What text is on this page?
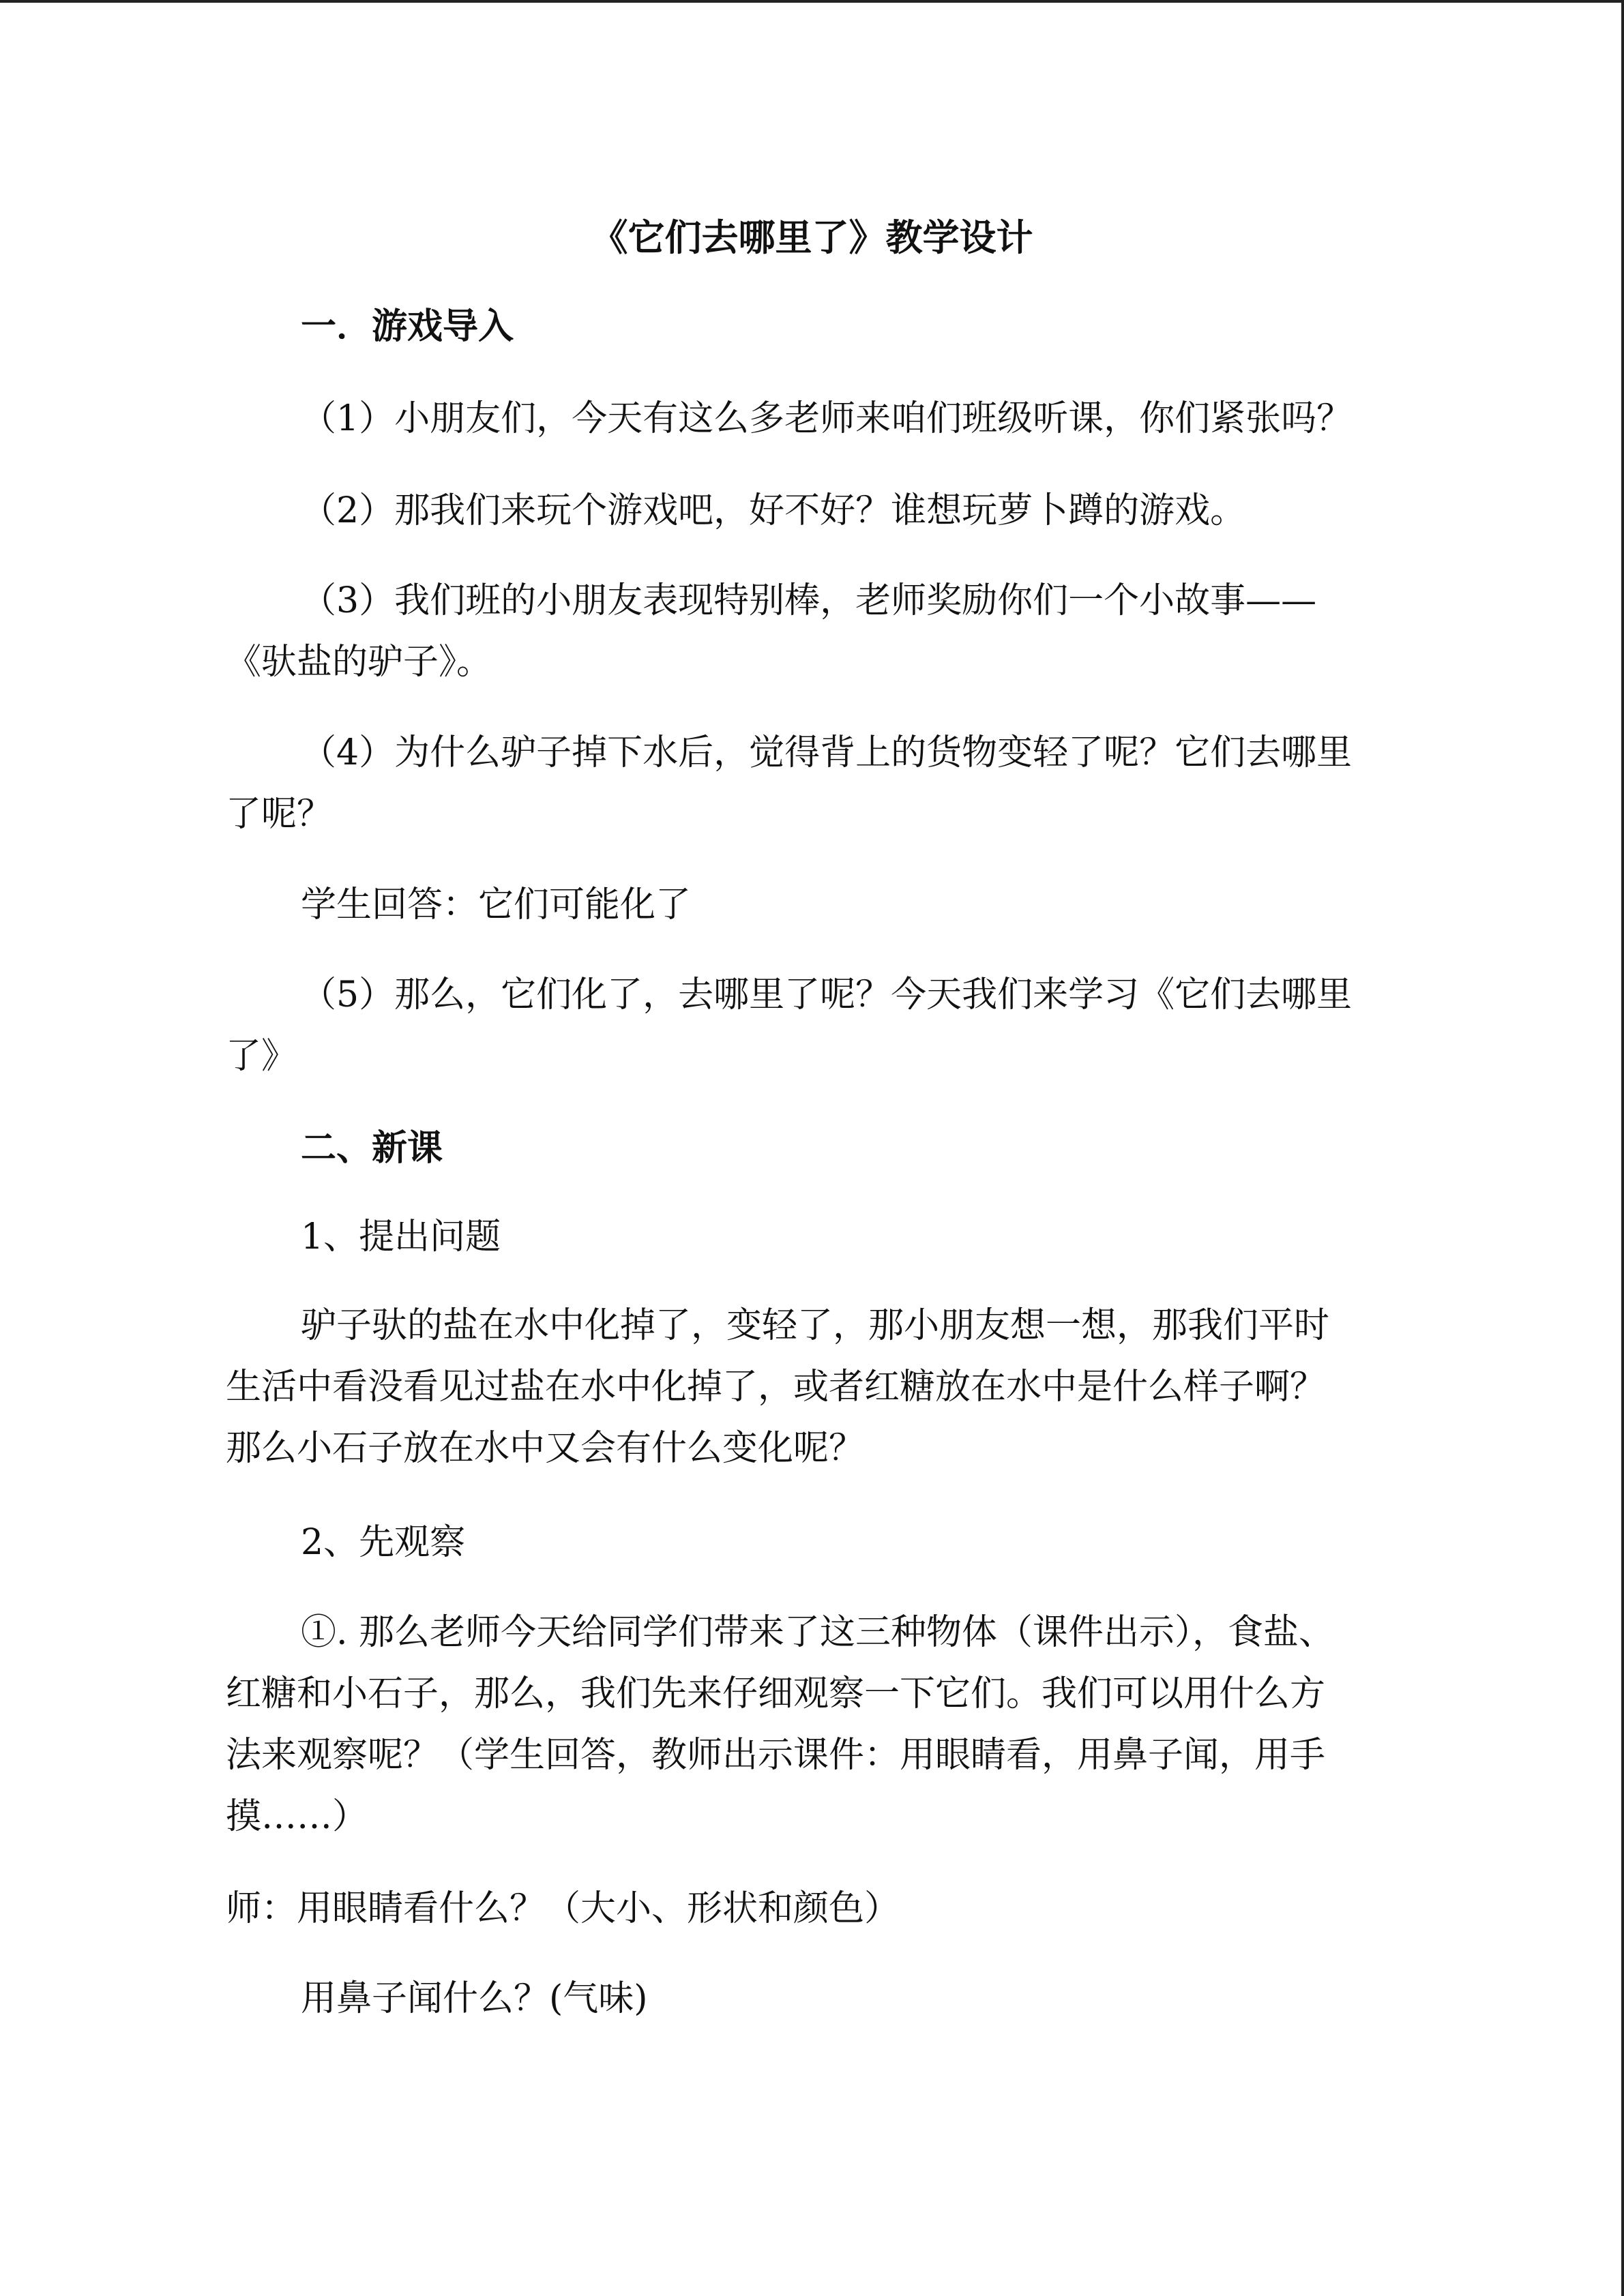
《它们去哪里了》教学设计
一．游戏导入
（1）小朋友们，今天有这么多老师来咱们班级听课，你们紧张吗？
（2）那我们来玩个游戏吧，好不好？谁想玩萝卜蹲的游戏。
（3）我们班的小朋友表现特别棒，老师奖励你们一个小故事——
《驮盐的驴子》。
（4）为什么驴子掉下水后，觉得背上的货物变轻了呢？它们去哪里
了呢？
学生回答：它们可能化了
（5）那么，它们化了，去哪里了呢？今天我们来学习《它们去哪里
了》
二、新课
1、提出问题
驴子驮的盐在水中化掉了，变轻了，那小朋友想一想，那我们平时
生活中看没看见过盐在水中化掉了，或者红糖放在水中是什么样子啊？
那么小石子放在水中又会有什么变化呢？
2、先观察
①. 那么老师今天给同学们带来了这三种物体（课件出示），食盐、
红糖和小石子，那么，我们先来仔细观察一下它们。我们可以用什么方
法来观察呢？（学生回答，教师出示课件：用眼睛看，用鼻子闻，用手
摸……）
师：用眼睛看什么？（大小、形状和颜色）
用鼻子闻什么？(气味)
